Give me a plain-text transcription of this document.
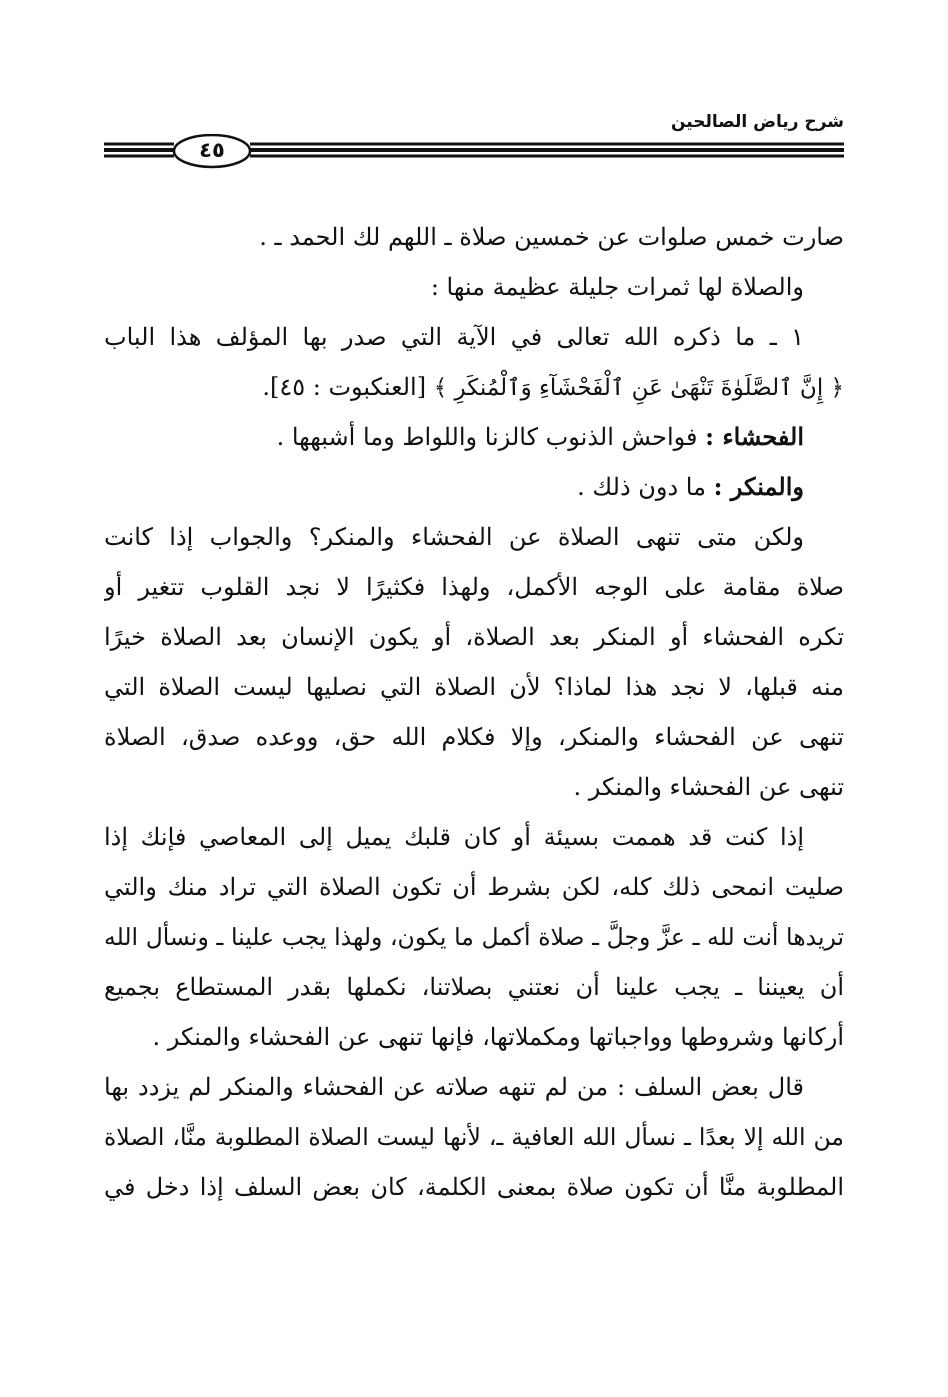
شرح رياض الصالحين
٤٥
صارت خمس صلوات عن خمسين صلاة ـ اللهم لك الحمد ـ .
والصلاة لها ثمرات جليلة عظيمة منها :
١ ـ ما ذكره الله تعالى في الآية التي صدر بها المؤلف هذا الباب
﴿ إِنَّ ٱلصَّلَوٰةَ تَنْهَىٰ عَنِ ٱلْفَحْشَآءِ وَٱلْمُنكَرِ ﴾ [العنكبوت : ٤٥].
الفحشاء : فواحش الذنوب كالزنا واللواط وما أشبهها .
والمنكر : ما دون ذلك .
ولكن متى تنهى الصلاة عن الفحشاء والمنكر؟ والجواب إذا كانت
صلاة مقامة على الوجه الأكمل، ولهذا فكثيرًا لا نجد القلوب تتغير أو
تكره الفحشاء أو المنكر بعد الصلاة، أو يكون الإنسان بعد الصلاة خيرًا
منه قبلها، لا نجد هذا لماذا؟ لأن الصلاة التي نصليها ليست الصلاة التي
تنهى عن الفحشاء والمنكر، وإلا فكلام الله حق، ووعده صدق، الصلاة
تنهى عن الفحشاء والمنكر .
إذا كنت قد هممت بسيئة أو كان قلبك يميل إلى المعاصي فإنك إذا
صليت انمحى ذلك كله، لكن بشرط أن تكون الصلاة التي تراد منك والتي
تريدها أنت لله ـ عزَّ وجلَّ ـ صلاة أكمل ما يكون، ولهذا يجب علينا ـ ونسأل الله
أن يعيننا ـ يجب علينا أن نعتني بصلاتنا، نكملها بقدر المستطاع بجميع
أركانها وشروطها وواجباتها ومكملاتها، فإنها تنهى عن الفحشاء والمنكر .
قال بعض السلف : من لم تنهه صلاته عن الفحشاء والمنكر لم يزدد بها
من الله إلا بعدًا ـ نسأل الله العافية ـ، لأنها ليست الصلاة المطلوبة منَّا، الصلاة
المطلوبة منَّا أن تكون صلاة بمعنى الكلمة، كان بعض السلف إذا دخل في
